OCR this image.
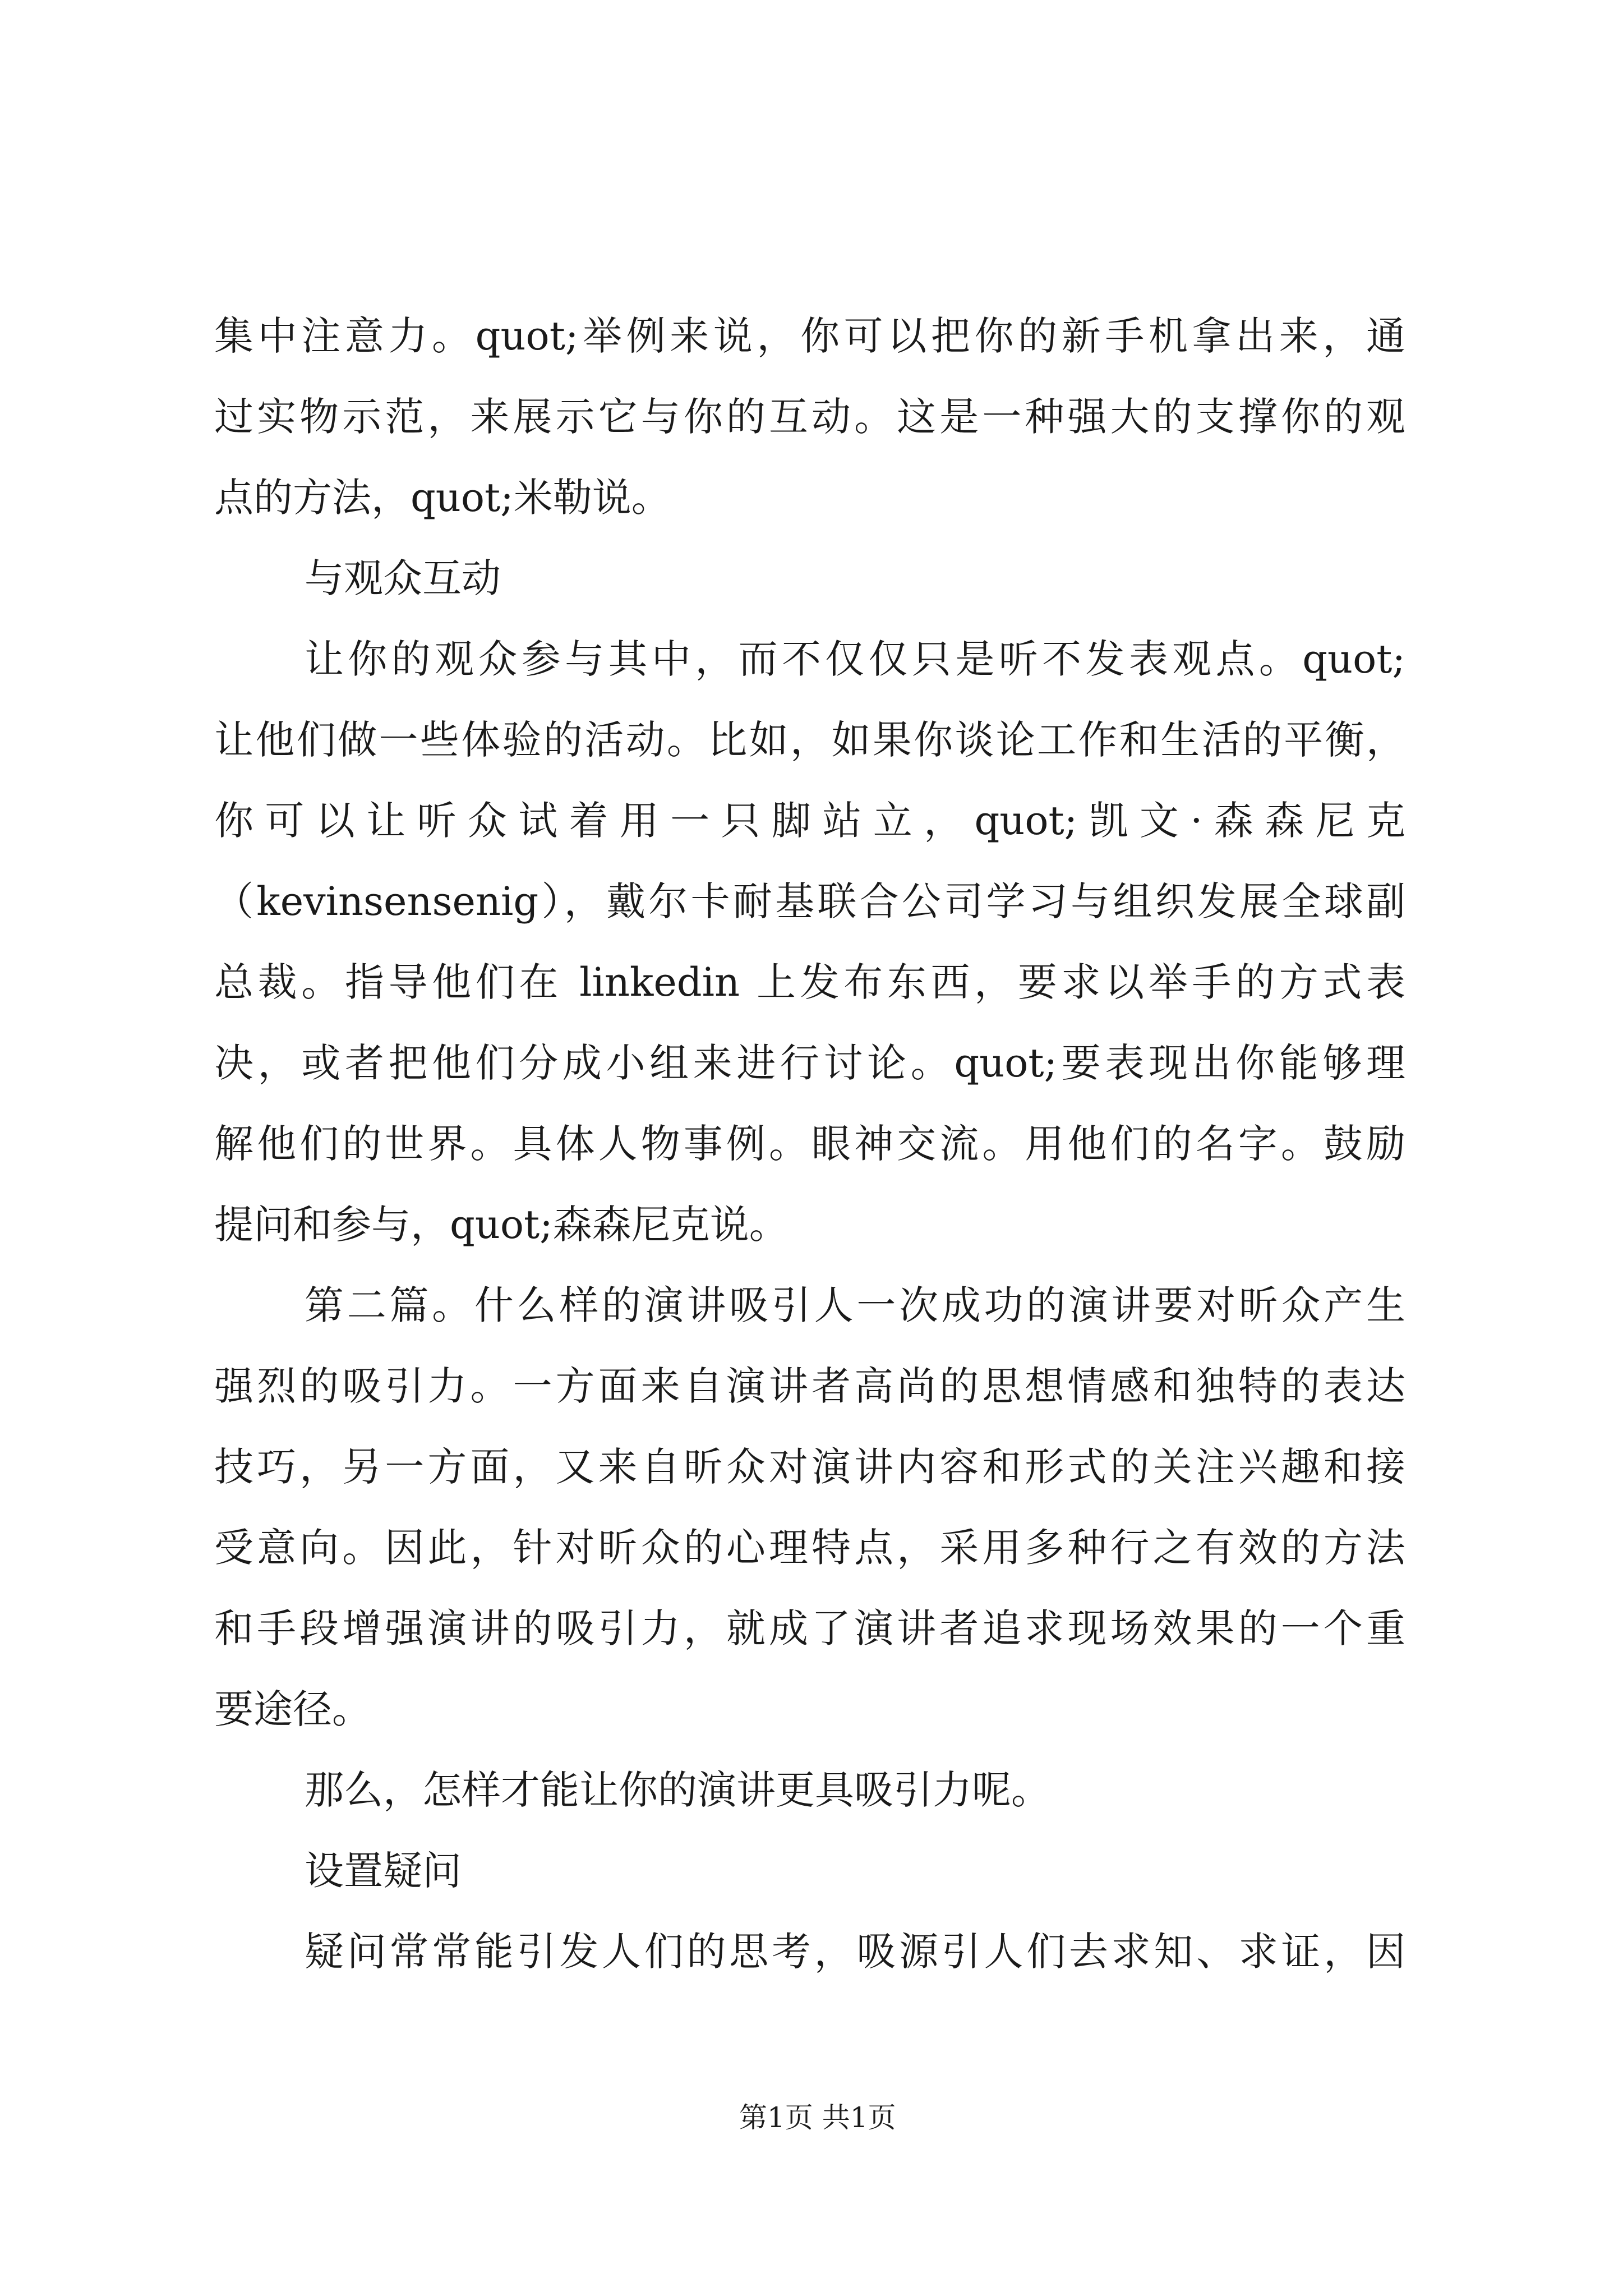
集中注意力。quot;举例来说，你可以把你的新手机拿出来，通
过实物示范，来展示它与你的互动。这是一种强大的支撑你的观
点的方法，quot;米勒说。
与观众互动
让你的观众参与其中，而不仅仅只是听不发表观点。quot;
让他们做一些体验的活动。比如，如果你谈论工作和生活的平衡，
你可以让听众试着用一只脚站立，quot;凯文·森森尼克
（kevinsensenig），戴尔卡耐基联合公司学习与组织发展全球副
总裁。指导他们在 linkedin 上发布东西，要求以举手的方式表
决，或者把他们分成小组来进行讨论。quot;要表现出你能够理
解他们的世界。具体人物事例。眼神交流。用他们的名字。鼓励
提问和参与，quot;森森尼克说。
第二篇。什么样的演讲吸引人一次成功的演讲要对昕众产生
强烈的吸引力。一方面来自演讲者高尚的思想情感和独特的表达
技巧，另一方面，又来自昕众对演讲内容和形式的关注兴趣和接
受意向。因此，针对昕众的心理特点，采用多种行之有效的方法
和手段增强演讲的吸引力，就成了演讲者追求现场效果的一个重
要途径。
那么，怎样才能让你的演讲更具吸引力呢。
设置疑问
疑问常常能引发人们的思考，吸源引人们去求知、求证，因
第1页 共1页
